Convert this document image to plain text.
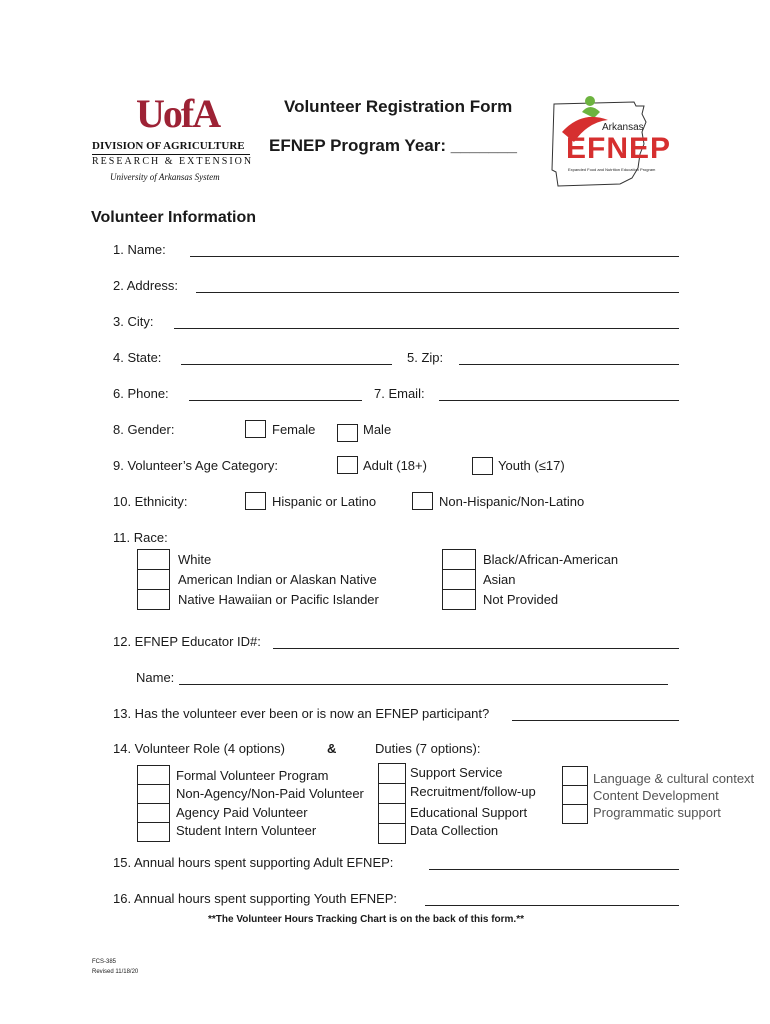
UofA
DIVISION OF AGRICULTURE
RESEARCH & EXTENSION
University of Arkansas System
Volunteer Registration Form
EFNEP Program Year: _______
Arkansas
EFNEP
Expanded Food and Nutrition Education Program
Volunteer Information
1. Name:
2. Address:
3. City:
4. State:	5. Zip:
6. Phone:	7. Email:
8. Gender:	Female	Male
9. Volunteer’s Age Category:	Adult (18+)	Youth (≤17)
10. Ethnicity:	Hispanic or Latino	Non-Hispanic/Non-Latino
11. Race:
White
American Indian or Alaskan Native
Native Hawaiian or Pacific Islander
Black/African-American
Asian
Not Provided
12. EFNEP Educator ID#:
Name:
13. Has the volunteer ever been or is now an EFNEP participant?
14. Volunteer Role (4 options)	&	Duties (7 options):
Formal Volunteer Program
Non-Agency/Non-Paid Volunteer
Agency Paid Volunteer
Student Intern Volunteer
Support Service
Recruitment/follow-up
Educational Support
Data Collection
Language & cultural context
Content Development
Programmatic support
15. Annual hours spent supporting Adult EFNEP:
16. Annual hours spent supporting Youth EFNEP:
**The Volunteer Hours Tracking Chart is on the back of this form.**
FCS-385
Revised 11/18/20
